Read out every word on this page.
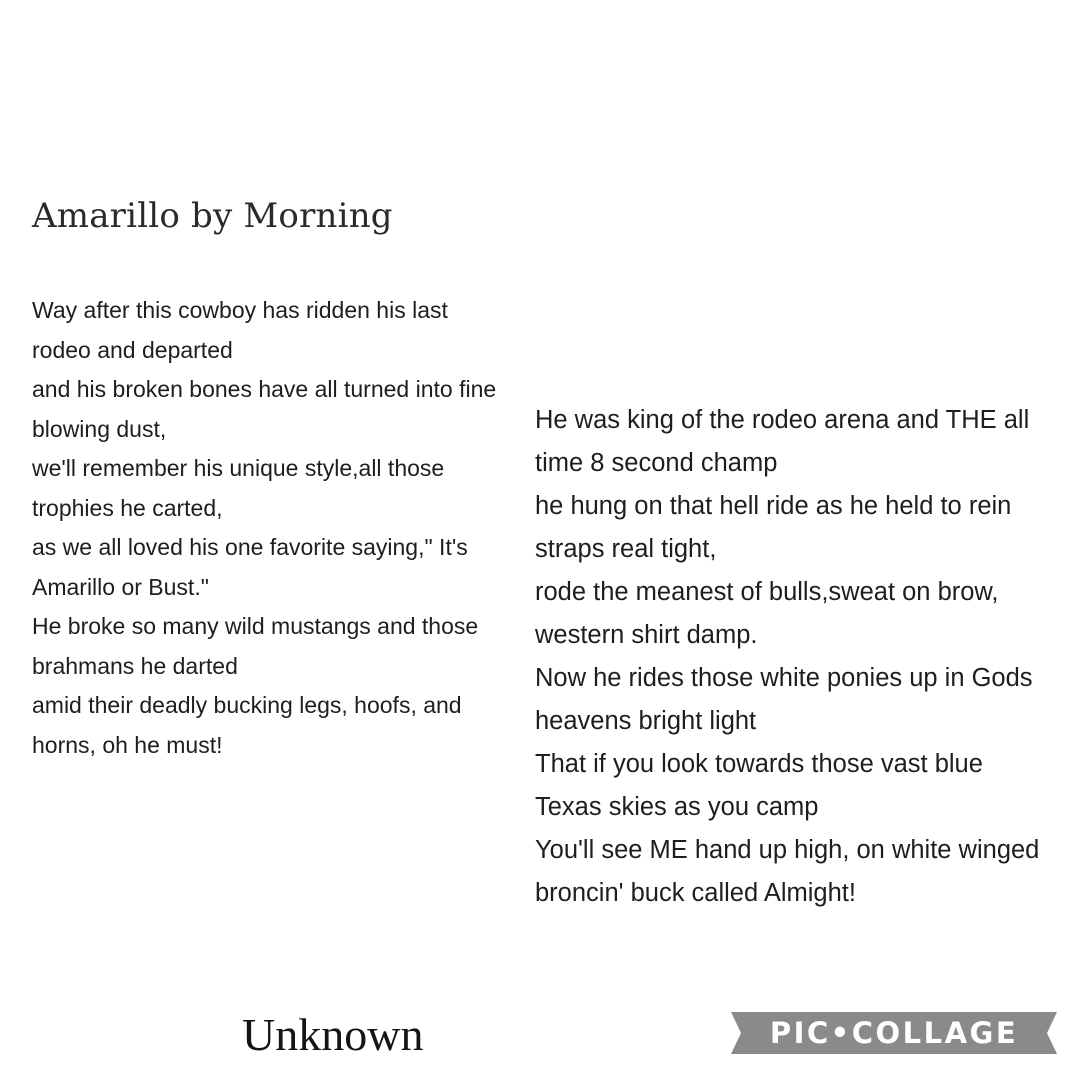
Amarillo by Morning
Way after this cowboy has ridden his last rodeo and departed
and his broken bones have all turned into fine blowing dust,
we'll remember his unique style,all those trophies he carted,
as we all loved his one favorite saying," It's Amarillo or Bust."
He broke so many wild mustangs and those brahmans he darted
amid their deadly bucking legs, hoofs, and horns, oh he must!
He was king of the rodeo arena and THE all time 8 second champ
he hung on that hell ride as he held to rein straps real tight,
rode the meanest of bulls,sweat on brow, western shirt damp.
Now he rides those white ponies up in Gods heavens bright light
That if you look towards those vast blue Texas skies as you camp
You'll see ME hand up high, on white winged broncin' buck called Almight!
Unknown	PIC•COLLAGE
